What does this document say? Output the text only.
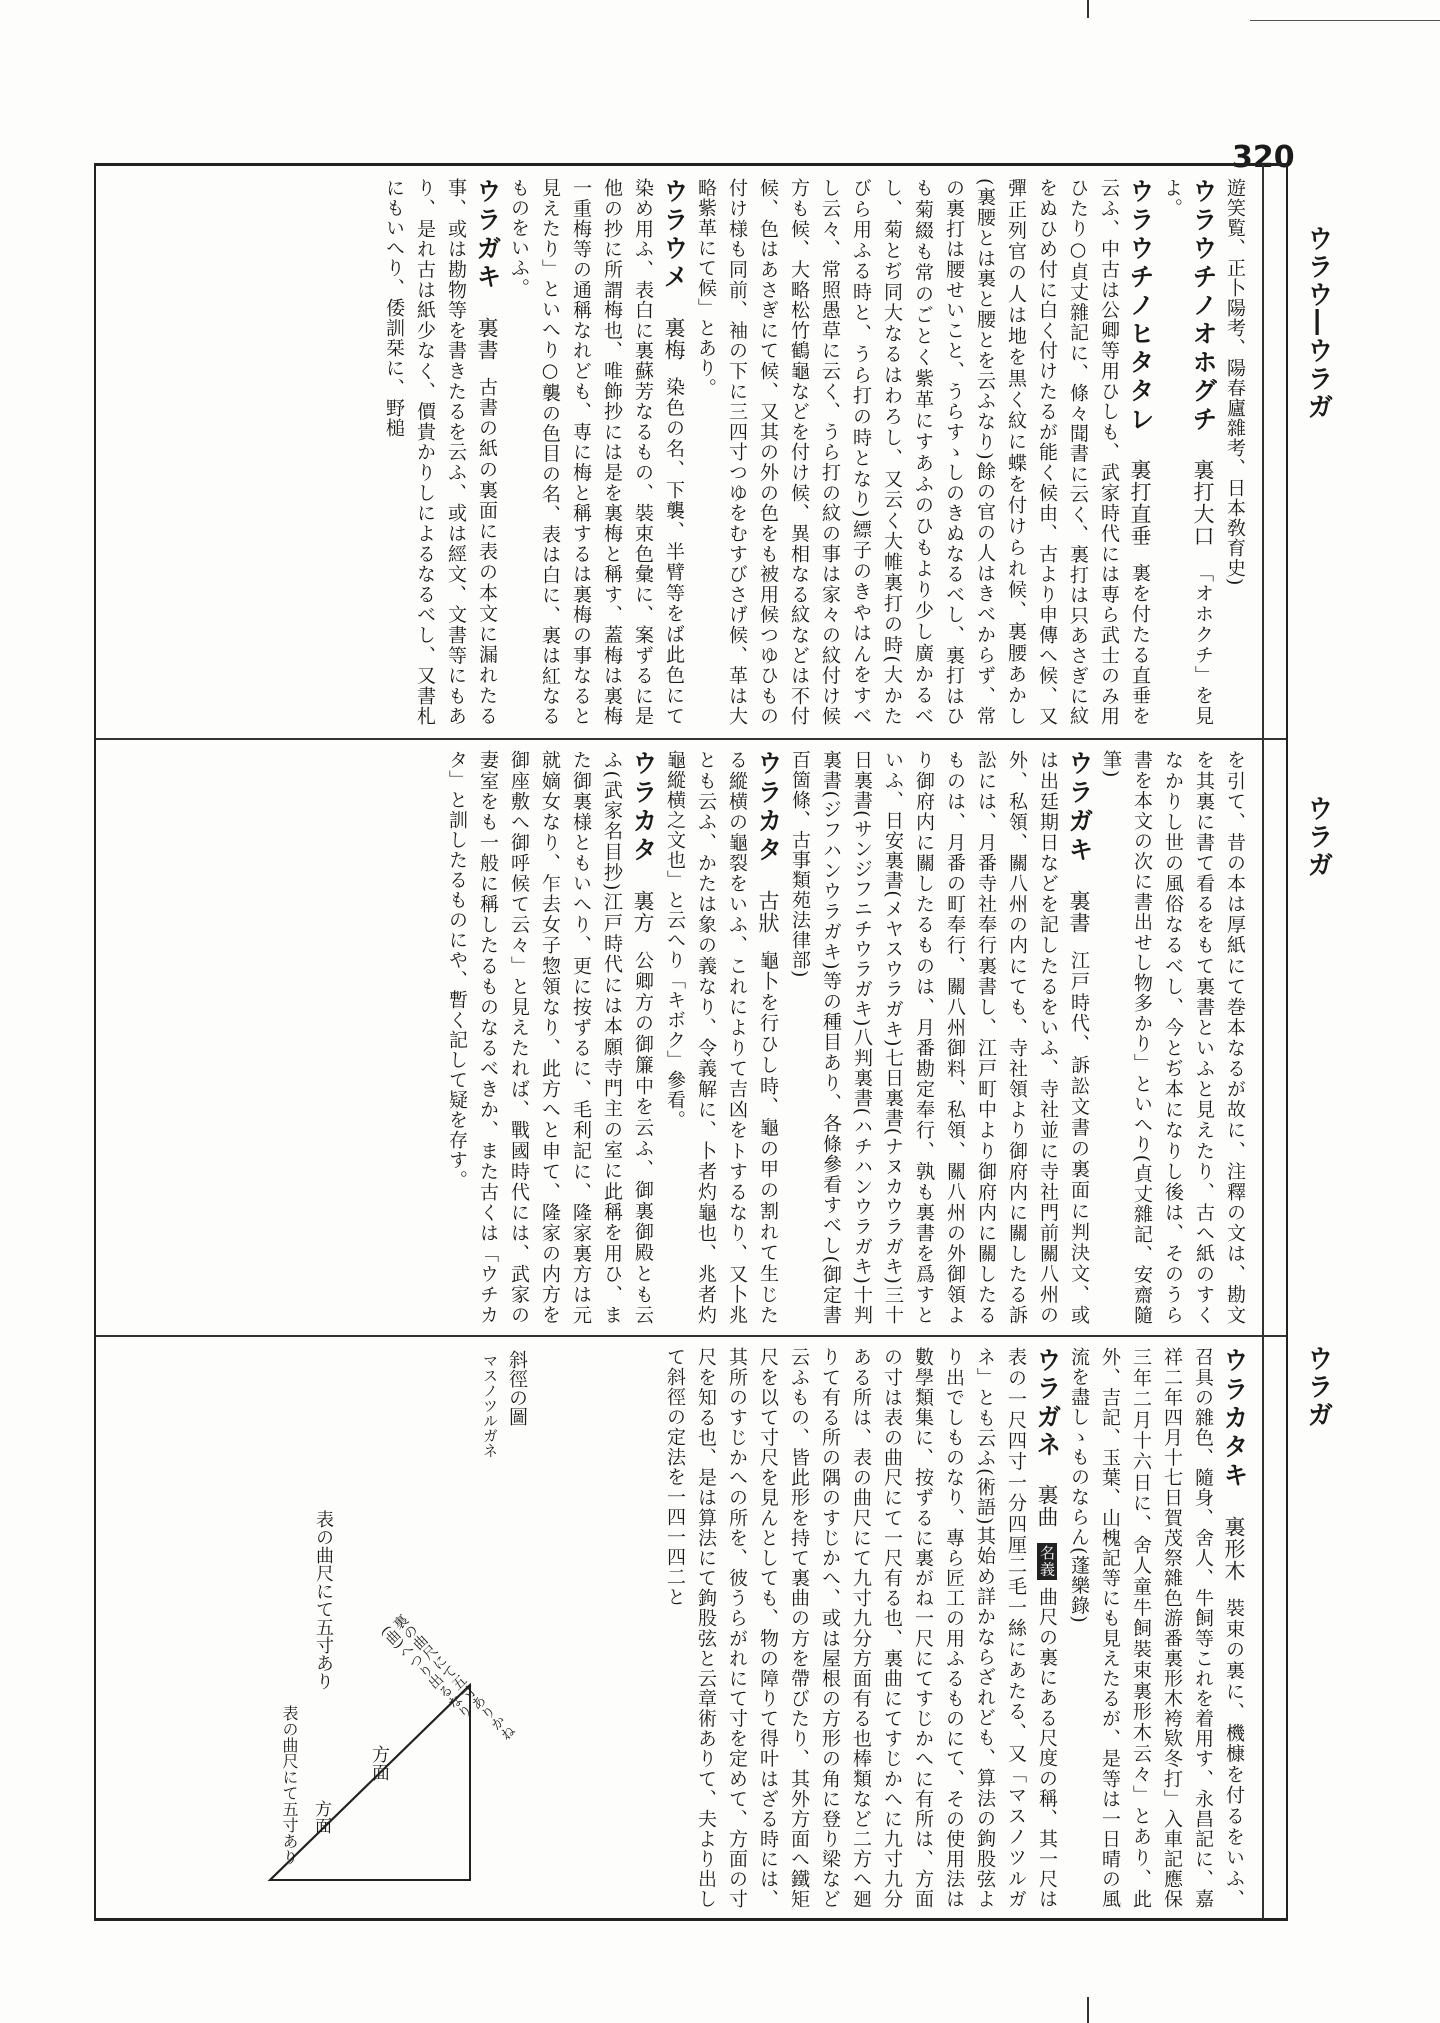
320
ウラウ―ウラガ
ウラガ
ウラガ
遊笑覧、正卜陽考、陽春廬雜考、日本敎育史)
ウラウチノオホグチ 裏打大口 「オホクチ」を見よ。
ウラウチノヒタタレ 裏打直垂 裏を付たる直垂を云ふ、中古は公卿等用ひしも、武家時代には専ら武士のみ用ひたり○貞丈雜記に、條々聞書に云く、裏打は只あさぎに紋をぬひめ付に白く付けたるが能く候由、古より申傳へ候、又彈正列官の人は地を黒く紋に蝶を付けられ候、裏腰あかし(裏腰とは裏と腰とを云ふなり)餘の官の人はきべからず、常の裏打は腰せいこと、うらすゝしのきぬなるべし、裏打はひも菊綴も常のごとく紫革にすあふのひもより少し廣かるべし、菊とぢ同大なるはわろし、又云く大帷裏打の時(大かたびら用ふる時と、うら打の時となり)縹子のきやはんをすべし云々、常照愚草に云く、うら打の紋の事は家々の紋付け候方も候、大略松竹鶴龜などを付け候、異相なる紋などは不付候、色はあさぎにて候、又其の外の色をも被用候つゆひもの付け様も同前、袖の下に三四寸つゆをむすびさげ候、革は大略紫革にて候」とあり。
ウラウメ 裏梅 染色の名、下襲、半臂等をば此色にて染め用ふ、表白に裏蘇芳なるもの、裝束色彙に、案ずるに是他の抄に所謂梅也、唯飾抄には是を裏梅と稱す、蓋梅は裏梅一重梅等の通稱なれども、専に梅と稱するは裏梅の事なると見えたり」といへり○襲の色目の名、表は白に、裏は紅なるものをいふ。
ウラガキ 裏書 古書の紙の裏面に表の本文に漏れたる事、或は勘物等を書きたるを云ふ、或は經文、文書等にもあり、是れ古は紙少なく、價貴かりしによるなるべし、又書札にもいへり、倭訓栞に、野槌
を引て、昔の本は厚紙にて巻本なるが故に、注釋の文は、勘文を其裏に書て看るをもて裏書といふと見えたり、古へ紙のすくなかりし世の風俗なるべし、今とぢ本になりし後は、そのうら書を本文の次に書出せし物多かり」といへり(貞丈雜記、安齋隨筆)
ウラガキ 裏書 江戸時代、訴訟文書の裏面に判決文、或は出廷期日などを記したるをいふ、寺社並に寺社門前關八州の外、私領、關八州の内にても、寺社領より御府内に關したる訴訟には、月番寺社奉行裏書し、江戸町中より御府内に關したるものは、月番の町奉行、關八州御料、私領、關八州の外御領より御府内に關したるものは、月番勘定奉行、孰も裏書を爲すといふ、日安裏書(メヤスウラガキ)七日裏書(ナヌカウラガキ)三十日裏書(サンジフニチウラガキ)八判裏書(ハチハンウラガキ)十判裏書(ジフハンウラガキ)等の種目あり、各條參看すべし(御定書百箇條、古事類苑法律部)
ウラカタ 古狀 龜卜を行ひし時、龜の甲の割れて生じたる縱横の龜裂をいふ、これによりて吉凶をトするなり、又卜兆とも云ふ、かたは象の義なり、令義解に、卜者灼龜也、兆者灼龜縱横之文也」と云へり「キボク」參看。
ウラカタ 裏方 公卿方の御簾中を云ふ、御裏御殿とも云ふ(武家名目抄)江戸時代には本願寺門主の室に此稱を用ひ、また御裏様ともいへり、更に按ずるに、毛利記に、隆家裏方は元就嫡女なり、乍去女子惣領なり、此方へと申て、隆家の内方を御座敷へ御呼候て云々」と見えたれば、戰國時代には、武家の妻室をも一般に稱したるものなるべきか、また古くは「ウチカタ」と訓したるものにや、暫く記して疑を存す。
ウラカタキ 裏形木 裝束の裏に、機槺を付るをいふ、召具の雜色、隨身、舍人、牛飼等これを着用す、永昌記に、嘉祥二年四月十七日賀茂祭雜色游番裏形木袴欵冬打」入車記應保三年二月十六日に、舍人童牛飼裝束裏形木云々」とあり、此外、吉記、玉葉、山槐記等にも見えたるが、是等は一日晴の風流を盡しゝものならん(蓬樂錄)
ウラガネ 裏曲 名義 曲尺の裏にある尺度の稱、其一尺は表の一尺四寸一分四厘二毛一絲にあたる、又「マスノツルガネ」とも云ふ(術語)其始め詳かならざれども、算法の鉤股弦より出でしものなり、專ら匠工の用ふるものにて、その使用法は數學類集に、按ずるに裏がね一尺にてすじかへに有所は、方面の寸は表の曲尺にて一尺有る也、裏曲にてすじかへに九寸九分ある所は、表の曲尺にて九寸九分方面有る也棒類など二方へ廻りて有る所の隅のすじかへ、或は屋根の方形の角に登り梁など云ふもの、皆此形を持て裏曲の方を帶びたり、其外方面へ鐵矩尺を以て寸尺を見んとしても、物の障りて得叶はざる時には、其所のすじかへの所を、彼うらがれにて寸を定めて、方面の寸尺を知る也、是は算法にて鉤股弦と云章術ありて、夫より出して斜徑の定法を一四一四二と
斜徑の圖
マスノツルガネ
表の曲尺にて五寸あり
方面
方面
表の曲尺にて五寸あり
裏の曲尺にて五寸ありかね(曲)へつり出るなり
